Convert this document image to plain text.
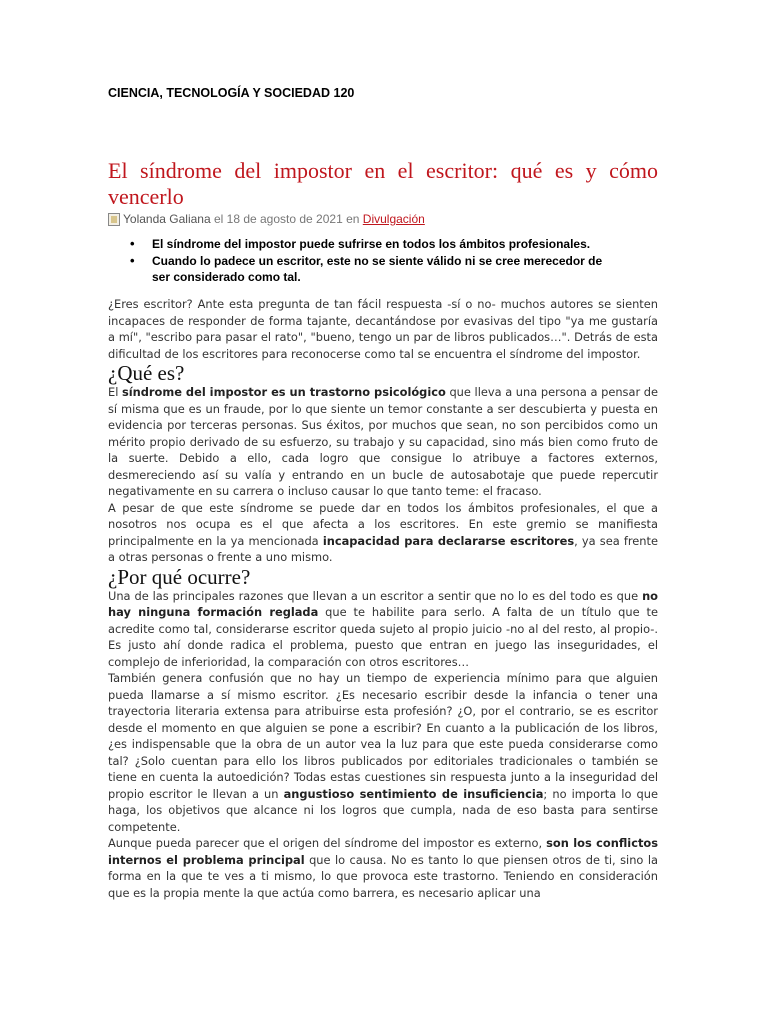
CIENCIA, TECNOLOGÍA Y SOCIEDAD 120
El síndrome del impostor en el escritor: qué es y cómo vencerlo
Yolanda Galiana el 18 de agosto de 2021 en Divulgación
• El síndrome del impostor puede sufrirse en todos los ámbitos profesionales.
• Cuando lo padece un escritor, este no se siente válido ni se cree merecedor de ser considerado como tal.

¿Eres escritor? Ante esta pregunta de tan fácil respuesta -sí o no- muchos autores se sienten incapaces de responder de forma tajante, decantándose por evasivas del tipo "ya me gustaría a mí", "escribo para pasar el rato", "bueno, tengo un par de libros publicados…". Detrás de esta dificultad de los escritores para reconocerse como tal se encuentra el síndrome del impostor.

¿Qué es?

El síndrome del impostor es un trastorno psicológico que lleva a una persona a pensar de sí misma que es un fraude, por lo que siente un temor constante a ser descubierta y puesta en evidencia por terceras personas. Sus éxitos, por muchos que sean, no son percibidos como un mérito propio derivado de su esfuerzo, su trabajo y su capacidad, sino más bien como fruto de la suerte. Debido a ello, cada logro que consigue lo atribuye a factores externos, desmereciendo así su valía y entrando en un bucle de autosabotaje que puede repercutir negativamente en su carrera o incluso causar lo que tanto teme: el fracaso.

A pesar de que este síndrome se puede dar en todos los ámbitos profesionales, el que a nosotros nos ocupa es el que afecta a los escritores. En este gremio se manifiesta principalmente en la ya mencionada incapacidad para declararse escritores, ya sea frente a otras personas o frente a uno mismo.

¿Por qué ocurre?

Una de las principales razones que llevan a un escritor a sentir que no lo es del todo es que no hay ninguna formación reglada que te habilite para serlo. A falta de un título que te acredite como tal, considerarse escritor queda sujeto al propio juicio -no al del resto, al propio-. Es justo ahí donde radica el problema, puesto que entran en juego las inseguridades, el complejo de inferioridad, la comparación con otros escritores…

También genera confusión que no hay un tiempo de experiencia mínimo para que alguien pueda llamarse a sí mismo escritor. ¿Es necesario escribir desde la infancia o tener una trayectoria literaria extensa para atribuirse esta profesión? ¿O, por el contrario, se es escritor desde el momento en que alguien se pone a escribir? En cuanto a la publicación de los libros, ¿es indispensable que la obra de un autor vea la luz para que este pueda considerarse como tal? ¿Solo cuentan para ello los libros publicados por editoriales tradicionales o también se tiene en cuenta la autoedición? Todas estas cuestiones sin respuesta junto a la inseguridad del propio escritor le llevan a un angustioso sentimiento de insuficiencia; no importa lo que haga, los objetivos que alcance ni los logros que cumpla, nada de eso basta para sentirse competente.

Aunque pueda parecer que el origen del síndrome del impostor es externo, son los conflictos internos el problema principal que lo causa. No es tanto lo que piensen otros de ti, sino la forma en la que te ves a ti mismo, lo que provoca este trastorno. Teniendo en consideración que es la propia mente la que actúa como barrera, es necesario aplicar una
